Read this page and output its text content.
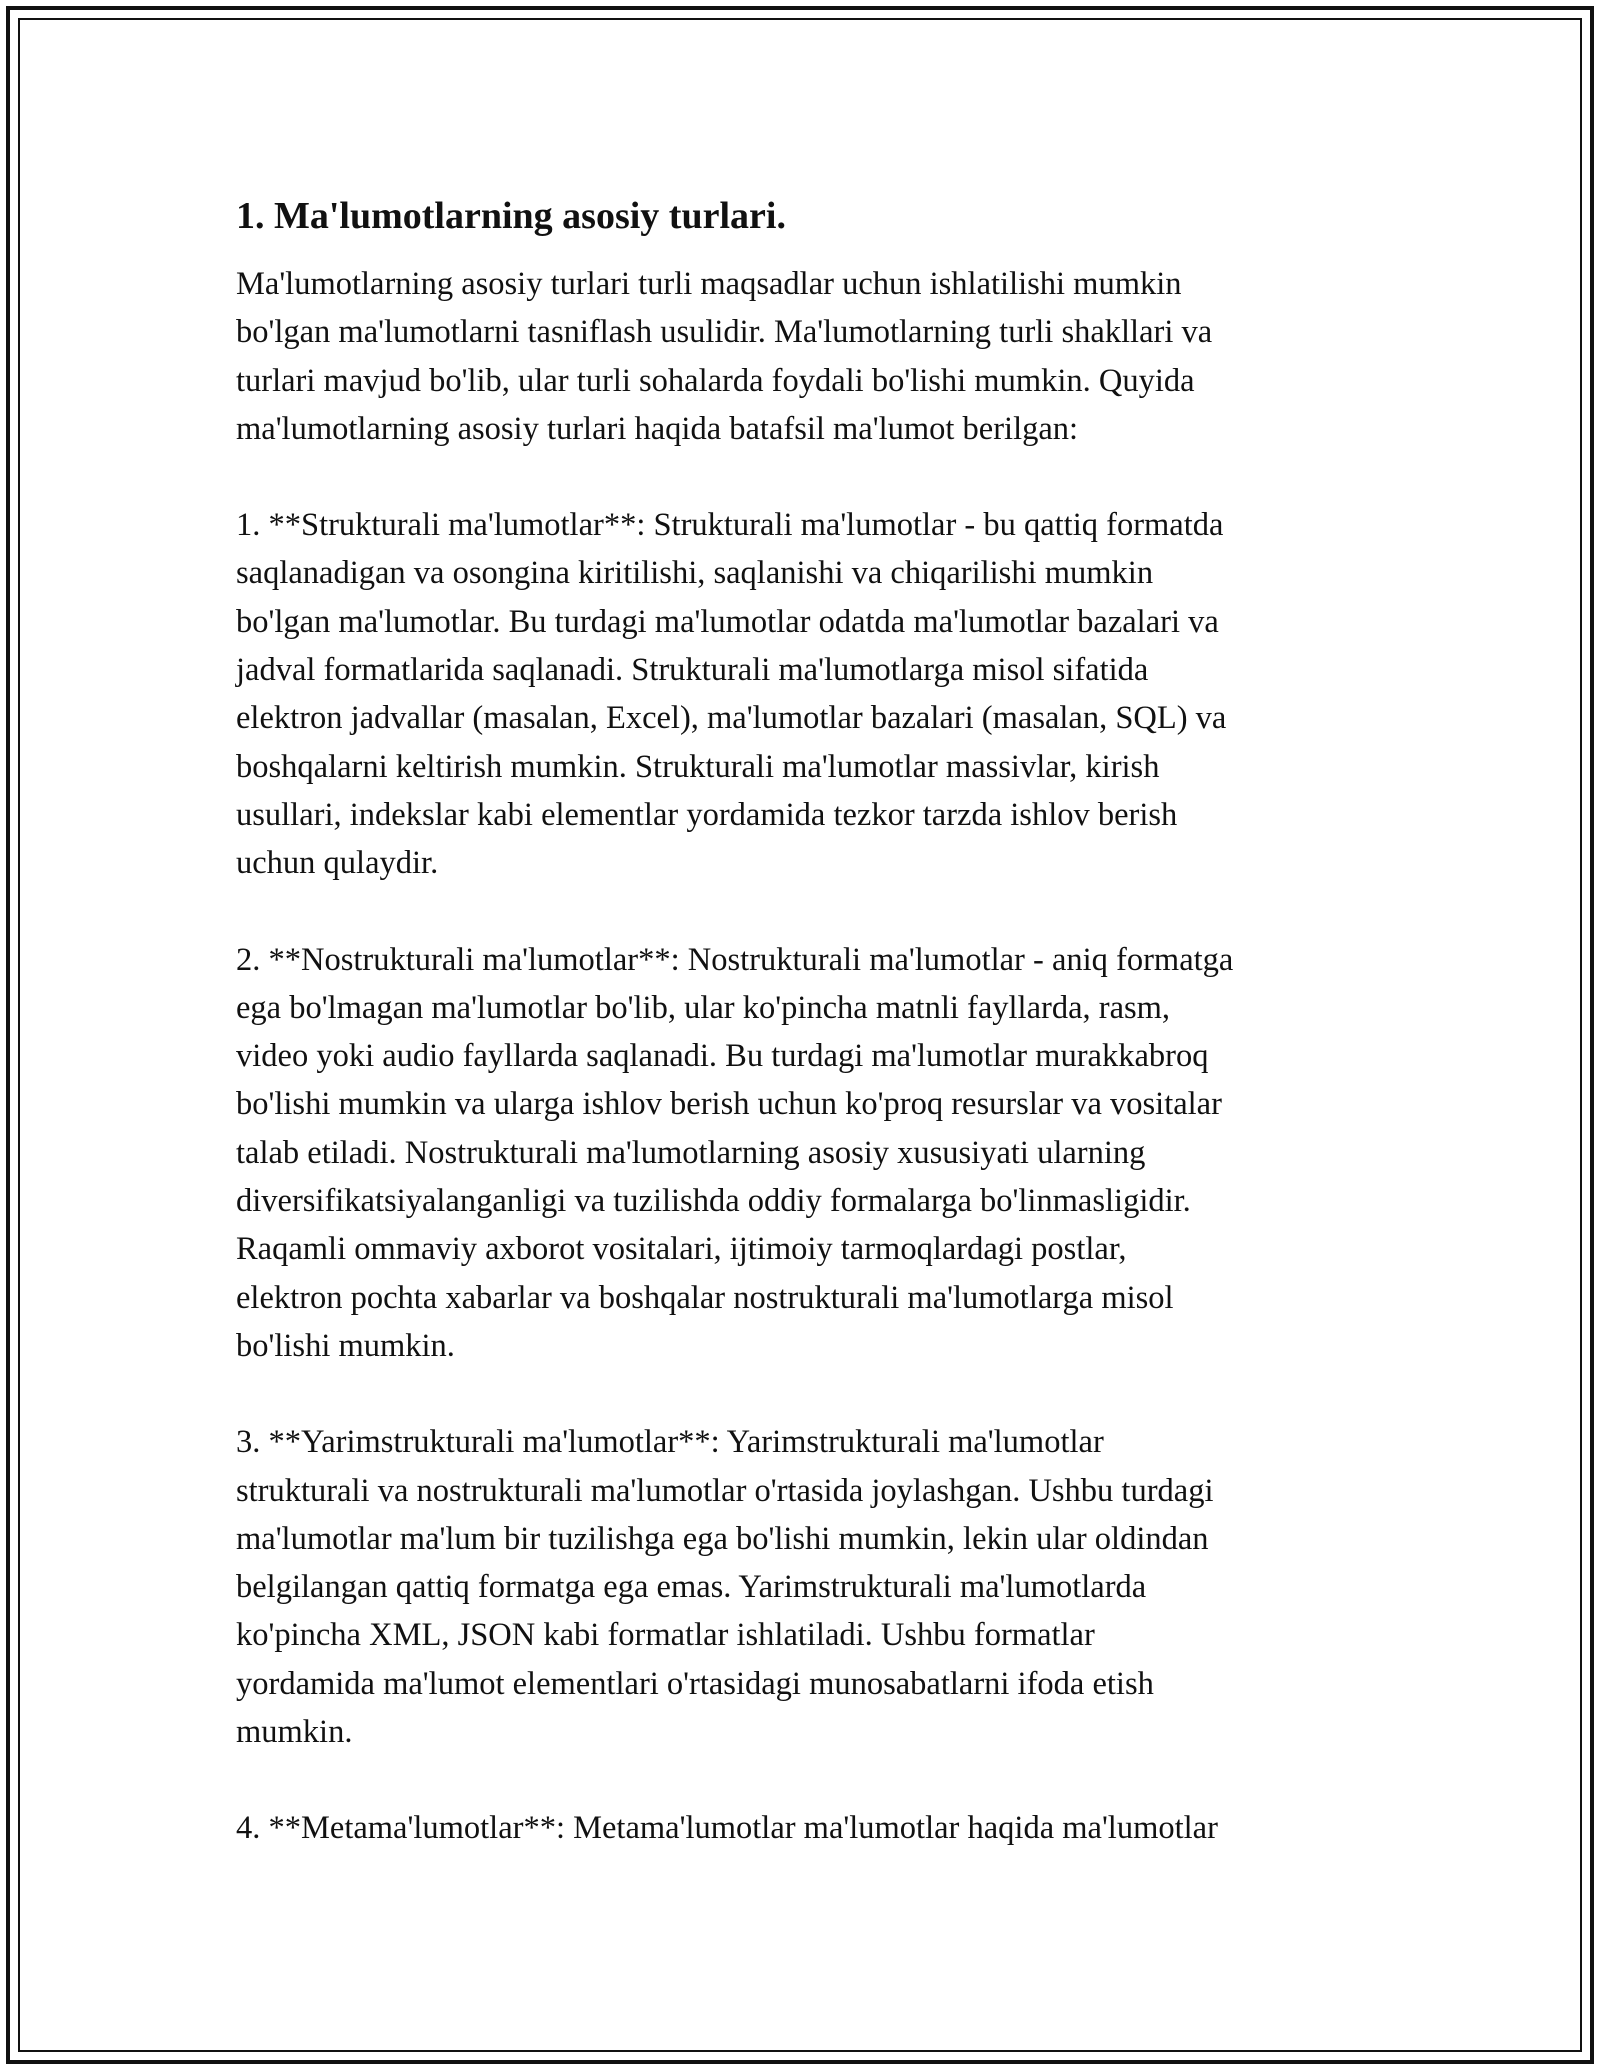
1. Ma'lumotlarning asosiy turlari.

Ma'lumotlarning asosiy turlari turli maqsadlar uchun ishlatilishi mumkin
bo'lgan ma'lumotlarni tasniflash usulidir. Ma'lumotlarning turli shakllari va
turlari mavjud bo'lib, ular turli sohalarda foydali bo'lishi mumkin. Quyida
ma'lumotlarning asosiy turlari haqida batafsil ma'lumot berilgan:

1. **Strukturali ma'lumotlar**: Strukturali ma'lumotlar - bu qattiq formatda
saqlanadigan va osongina kiritilishi, saqlanishi va chiqarilishi mumkin
bo'lgan ma'lumotlar. Bu turdagi ma'lumotlar odatda ma'lumotlar bazalari va
jadval formatlarida saqlanadi. Strukturali ma'lumotlarga misol sifatida
elektron jadvallar (masalan, Excel), ma'lumotlar bazalari (masalan, SQL) va
boshqalarni keltirish mumkin. Strukturali ma'lumotlar massivlar, kirish
usullari, indekslar kabi elementlar yordamida tezkor tarzda ishlov berish
uchun qulaydir.

2. **Nostrukturali ma'lumotlar**: Nostrukturali ma'lumotlar - aniq formatga
ega bo'lmagan ma'lumotlar bo'lib, ular ko'pincha matnli fayllarda, rasm,
video yoki audio fayllarda saqlanadi. Bu turdagi ma'lumotlar murakkabroq
bo'lishi mumkin va ularga ishlov berish uchun ko'proq resurslar va vositalar
talab etiladi. Nostrukturali ma'lumotlarning asosiy xususiyati ularning
diversifikatsiyalanganligi va tuzilishda oddiy formalarga bo'linmasligidir.
Raqamli ommaviy axborot vositalari, ijtimoiy tarmoqlardagi postlar,
elektron pochta xabarlar va boshqalar nostrukturali ma'lumotlarga misol
bo'lishi mumkin.

3. **Yarimstrukturali ma'lumotlar**: Yarimstrukturali ma'lumotlar
strukturali va nostrukturali ma'lumotlar o'rtasida joylashgan. Ushbu turdagi
ma'lumotlar ma'lum bir tuzilishga ega bo'lishi mumkin, lekin ular oldindan
belgilangan qattiq formatga ega emas. Yarimstrukturali ma'lumotlarda
ko'pincha XML, JSON kabi formatlar ishlatiladi. Ushbu formatlar
yordamida ma'lumot elementlari o'rtasidagi munosabatlarni ifoda etish
mumkin.

4. **Metama'lumotlar**: Metama'lumotlar ma'lumotlar haqida ma'lumotlar
